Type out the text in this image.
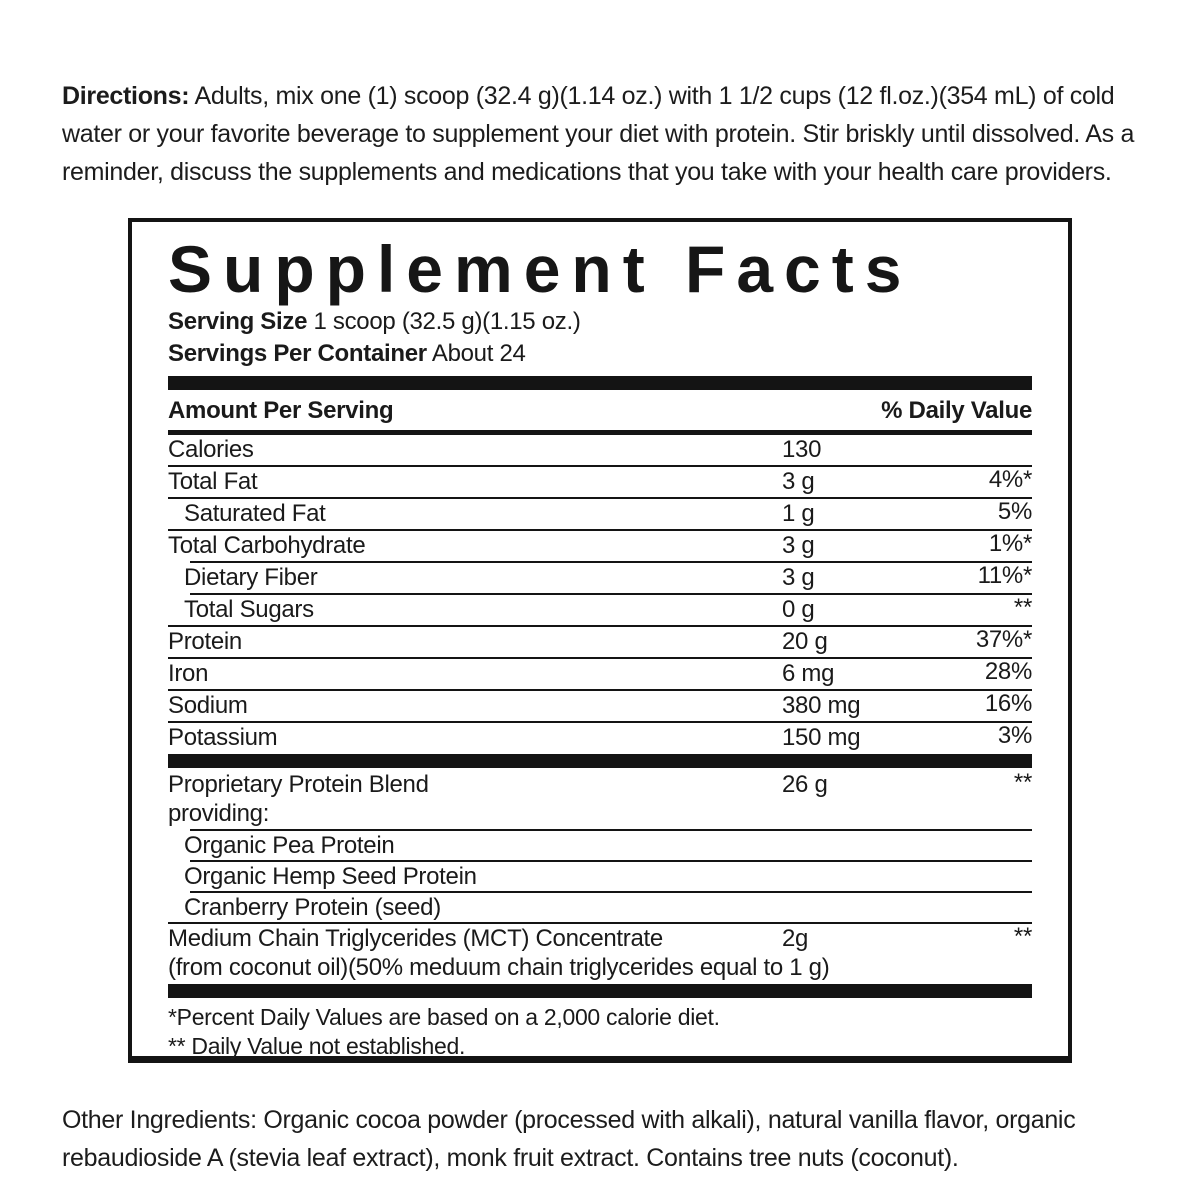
Directions: Adults, mix one (1) scoop (32.4 g)(1.14 oz.) with 1 1/2 cups (12 fl.oz.)(354 mL) of cold water or your favorite beverage to supplement your diet with protein. Stir briskly until dissolved. As a reminder, discuss the supplements and medications that you take with your health care providers.

Supplement Facts
Serving Size 1 scoop (32.5 g)(1.15 oz.)
Servings Per Container About 24
Amount Per Serving	% Daily Value
Calories	130
Total Fat	3 g	4%*
Saturated Fat	1 g	5%
Total Carbohydrate	3 g	1%*
Dietary Fiber	3 g	11%*
Total Sugars	0 g	**
Protein	20 g	37%*
Iron	6 mg	28%
Sodium	380 mg	16%
Potassium	150 mg	3%
Proprietary Protein Blend	26 g	**
providing:
Organic Pea Protein
Organic Hemp Seed Protein
Cranberry Protein (seed)
Medium Chain Triglycerides (MCT) Concentrate	2g	**
(from coconut oil)(50% meduum chain triglycerides equal to 1 g)
*Percent Daily Values are based on a 2,000 calorie diet.
** Daily Value not established.

Other Ingredients: Organic cocoa powder (processed with alkali), natural vanilla flavor, organic rebaudioside A (stevia leaf extract), monk fruit extract. Contains tree nuts (coconut).
